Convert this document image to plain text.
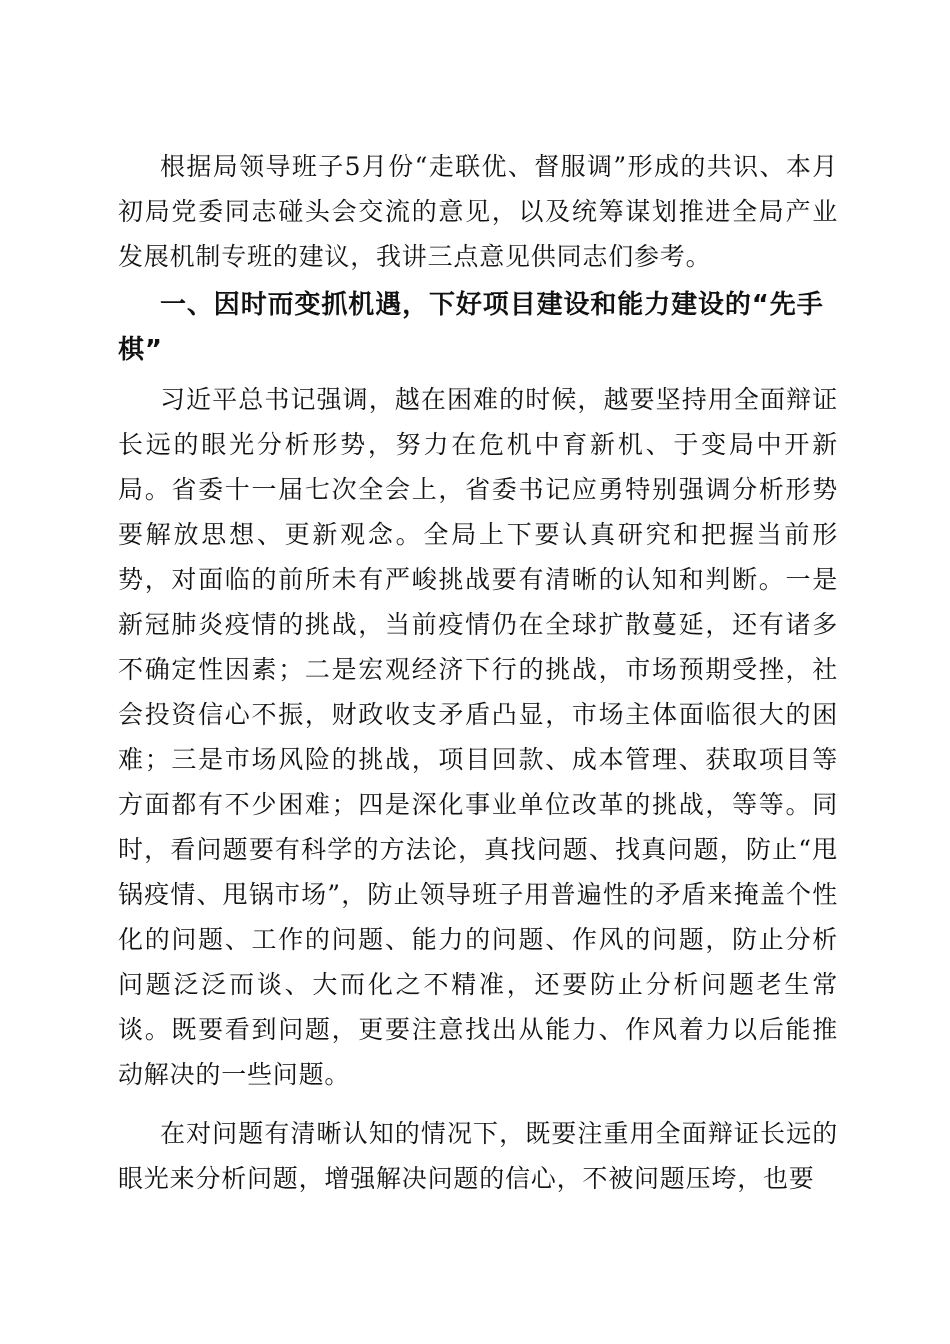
根据局领导班子5月份“走联优、督服调”形成的共识、本月初局党委同志碰头会交流的意见，以及统筹谋划推进全局产业发展机制专班的建议，我讲三点意见供同志们参考。

一、因时而变抓机遇，下好项目建设和能力建设的“先手棋”

习近平总书记强调，越在困难的时候，越要坚持用全面辩证长远的眼光分析形势，努力在危机中育新机、于变局中开新局。省委十一届七次全会上，省委书记应勇特别强调分析形势要解放思想、更新观念。全局上下要认真研究和把握当前形势，对面临的前所未有严峻挑战要有清晰的认知和判断。一是新冠肺炎疫情的挑战，当前疫情仍在全球扩散蔓延，还有诸多不确定性因素；二是宏观经济下行的挑战，市场预期受挫，社会投资信心不振，财政收支矛盾凸显，市场主体面临很大的困难；三是市场风险的挑战，项目回款、成本管理、获取项目等方面都有不少困难；四是深化事业单位改革的挑战，等等。同时，看问题要有科学的方法论，真找问题、找真问题，防止“甩锅疫情、甩锅市场”，防止领导班子用普遍性的矛盾来掩盖个性化的问题、工作的问题、能力的问题、作风的问题，防止分析问题泛泛而谈、大而化之不精准，还要防止分析问题老生常谈。既要看到问题，更要注意找出从能力、作风着力以后能推动解决的一些问题。

在对问题有清晰认知的情况下，既要注重用全面辩证长远的眼光来分析问题，增强解决问题的信心，不被问题压垮，也要
